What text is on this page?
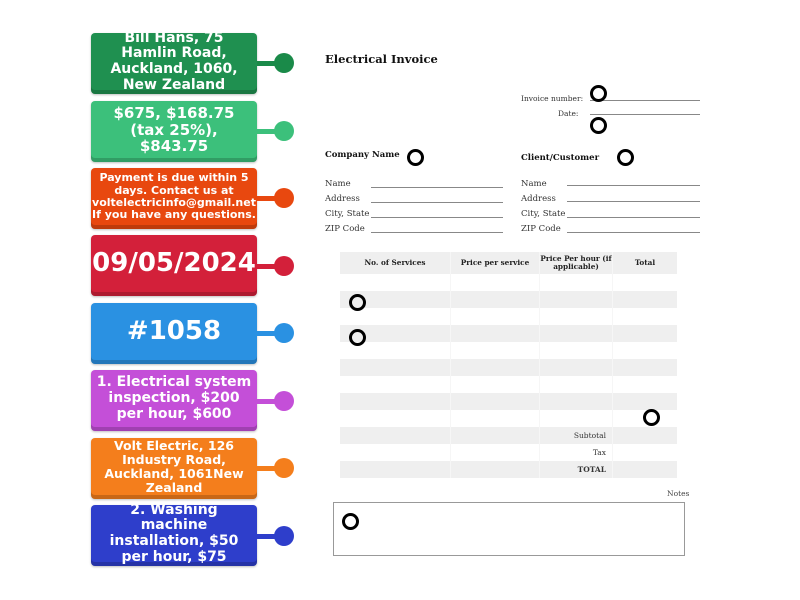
Bill Hans, 75 Hamlin Road, Auckland, 1060, New Zealand
$675, $168.75 (tax 25%), $843.75
Payment is due within 5 days. Contact us at voltelectricinfo@gmail.net If you have any questions.
09/05/2024
#1058
1. Electrical system inspection, $200 per hour, $600
Volt Electric, 126 Industry Road, Auckland, 1061New Zealand
2. Washing machine installation, $50 per hour, $75
Electrical Invoice
Invoice number:
Date:
Company Name
Name
Address
City, State
ZIP Code
Client/Customer
Name
Address
City, State
ZIP Code
No. of Services	Price per service	Price Per hour (if applicable)	Total
Subtotal
Tax
TOTAL
Notes
